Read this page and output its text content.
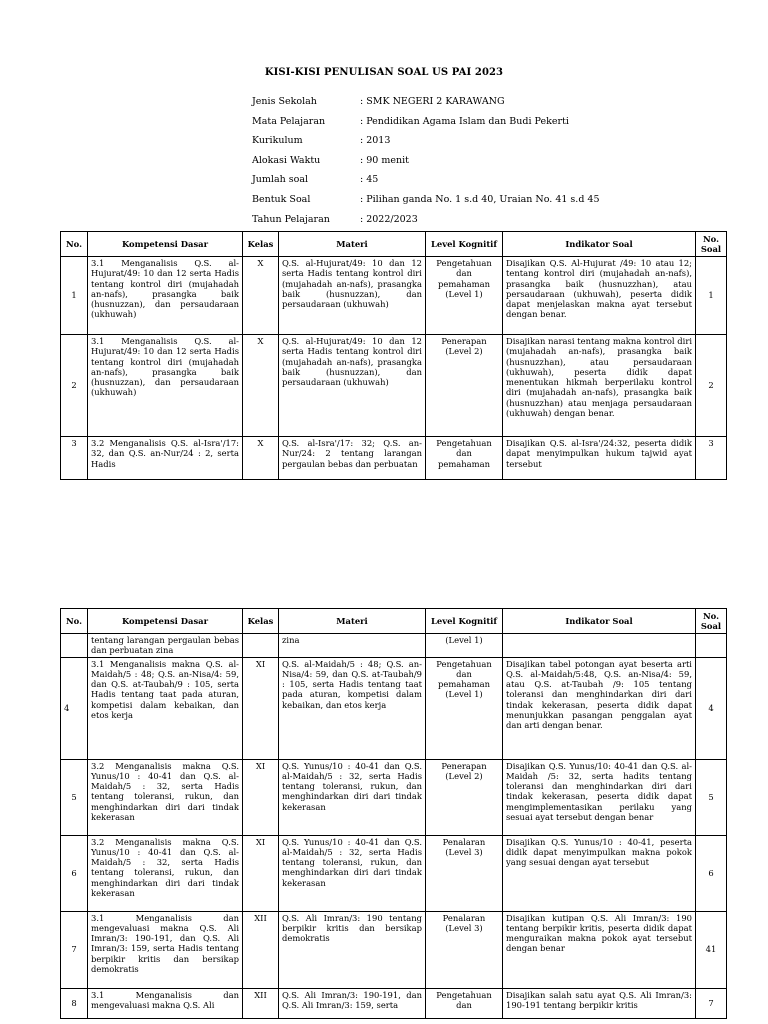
KISI-KISI PENULISAN SOAL US PAI 2023
Jenis Sekolah	: SMK NEGERI 2 KARAWANG
Mata Pelajaran	: Pendidikan Agama Islam dan Budi Pekerti
Kurikulum	: 2013
Alokasi Waktu	: 90 menit
Jumlah soal	: 45
Bentuk Soal	: Pilihan ganda No. 1 s.d 40, Uraian No. 41 s.d 45
Tahun Pelajaran	: 2022/2023
No.	Kompetensi Dasar	Kelas	Materi	Level Kognitif	Indikator Soal	No. Soal
1	3.1 Menganalisis Q.S. al-Hujurat/49: 10 dan 12 serta Hadis tentang kontrol diri (mujahadah an-nafs), prasangka baik (husnuzzan), dan persaudaraan (ukhuwah)	X	Q.S. al-Hujurat/49: 10 dan 12 serta Hadis tentang kontrol diri (mujahadah an-nafs), prasangka baik (husnuzzan), dan persaudaraan (ukhuwah)	Pengetahuan dan pemahaman (Level 1)	Disajikan Q.S. Al-Hujurat /49: 10 atau 12; tentang kontrol diri (mujahadah an-nafs), prasangka baik (husnuzzhan), atau persaudaraan (ukhuwah), peserta didik dapat menjelaskan makna ayat tersebut dengan benar.	1
2	3.1 Menganalisis Q.S. al-Hujurat/49: 10 dan 12 serta Hadis tentang kontrol diri (mujahadah an-nafs), prasangka baik (husnuzzan), dan persaudaraan (ukhuwah)	X	Q.S. al-Hujurat/49: 10 dan 12 serta Hadis tentang kontrol diri (mujahadah an-nafs), prasangka baik (husnuzzan), dan persaudaraan (ukhuwah)	Penerapan (Level 2)	Disajikan narasi tentang makna kontrol diri (mujahadah an-nafs), prasangka baik (husnuzzhan), atau persaudaraan (ukhuwah), peserta didik dapat menentukan hikmah berperilaku kontrol diri (mujahadah an-nafs), prasangka baik (husnuzzhan) atau menjaga persaudaraan (ukhuwah) dengan benar.	2
3	3.2 Menganalisis Q.S. al-Isra'/17: 32, dan Q.S. an-Nur/24 : 2, serta Hadis	X	Q.S. al-Isra'/17: 32; Q.S. an-Nur/24: 2 tentang larangan pergaulan bebas dan perbuatan	Pengetahuan dan pemahaman	Disajikan Q.S. al-Isra'/24:32, peserta didik dapat menyimpulkan hukum tajwid ayat tersebut	3
No.	Kompetensi Dasar	Kelas	Materi	Level Kognitif	Indikator Soal	No. Soal
	tentang larangan pergaulan bebas dan perbuatan zina		zina	(Level 1)		
4	3.1 Menganalisis makna Q.S. al-Maidah/5 : 48; Q.S. an-Nisa/4: 59, dan Q.S. at-Taubah/9 : 105, serta Hadis tentang taat pada aturan, kompetisi dalam kebaikan, dan etos kerja	XI	Q.S. al-Maidah/5 : 48; Q.S. an-Nisa/4: 59, dan Q.S. at-Taubah/9 : 105, serta Hadis tentang taat pada aturan, kompetisi dalam kebaikan, dan etos kerja	Pengetahuan dan pemahaman (Level 1)	Disajikan tabel potongan ayat beserta arti Q.S. al-Maidah/5:48, Q.S. an-Nisa/4: 59, atau Q.S. at-Taubah /9: 105 tentang toleransi dan menghindarkan diri dari tindak kekerasan, peserta didik dapat menunjukkan pasangan penggalan ayat dan arti dengan benar.	4
5	3.2 Menganalisis makna Q.S. Yunus/10 : 40-41 dan Q.S. al-Maidah/5 : 32, serta Hadis tentang toleransi, rukun, dan menghindarkan diri dari tindak kekerasan	XI	Q.S. Yunus/10 : 40-41 dan Q.S. al-Maidah/5 : 32, serta Hadis tentang toleransi, rukun, dan menghindarkan diri dari tindak kekerasan	Penerapan (Level 2)	Disajikan Q.S. Yunus/10: 40-41 dan Q.S. al-Maidah /5: 32, serta hadits tentang toleransi dan menghindarkan diri dari tindak kekerasan, peserta didik dapat mengimplementasikan perilaku yang sesuai ayat tersebut dengan benar	5
6	3.2 Menganalisis makna Q.S. Yunus/10 : 40-41 dan Q.S. al-Maidah/5 : 32, serta Hadis tentang toleransi, rukun, dan menghindarkan diri dari tindak kekerasan	XI	Q.S. Yunus/10 : 40-41 dan Q.S. al-Maidah/5 : 32, serta Hadis tentang toleransi, rukun, dan menghindarkan diri dari tindak kekerasan	Penalaran (Level 3)	Disajikan Q.S. Yunus/10 : 40-41, peserta didik dapat menyimpulkan makna pokok yang sesuai dengan ayat tersebut	6
7	3.1 Menganalisis dan mengevaluasi makna Q.S. Ali Imran/3: 190-191, dan Q.S. Ali Imran/3: 159, serta Hadis tentang berpikir kritis dan bersikap demokratis	XII	Q.S. Ali Imran/3: 190 tentang berpikir kritis dan bersikap demokratis	Penalaran (Level 3)	Disajikan kutipan Q.S. Ali Imran/3: 190 tentang berpikir kritis, peserta didik dapat menguraikan makna pokok ayat tersebut dengan benar	41
8	3.1 Menganalisis dan mengevaluasi makna Q.S. Ali	XII	Q.S. Ali Imran/3: 190-191, dan Q.S. Ali Imran/3: 159, serta	Pengetahuan dan	Disajikan salah satu ayat Q.S. Ali Imran/3: 190-191 tentang berpikir kritis	7
